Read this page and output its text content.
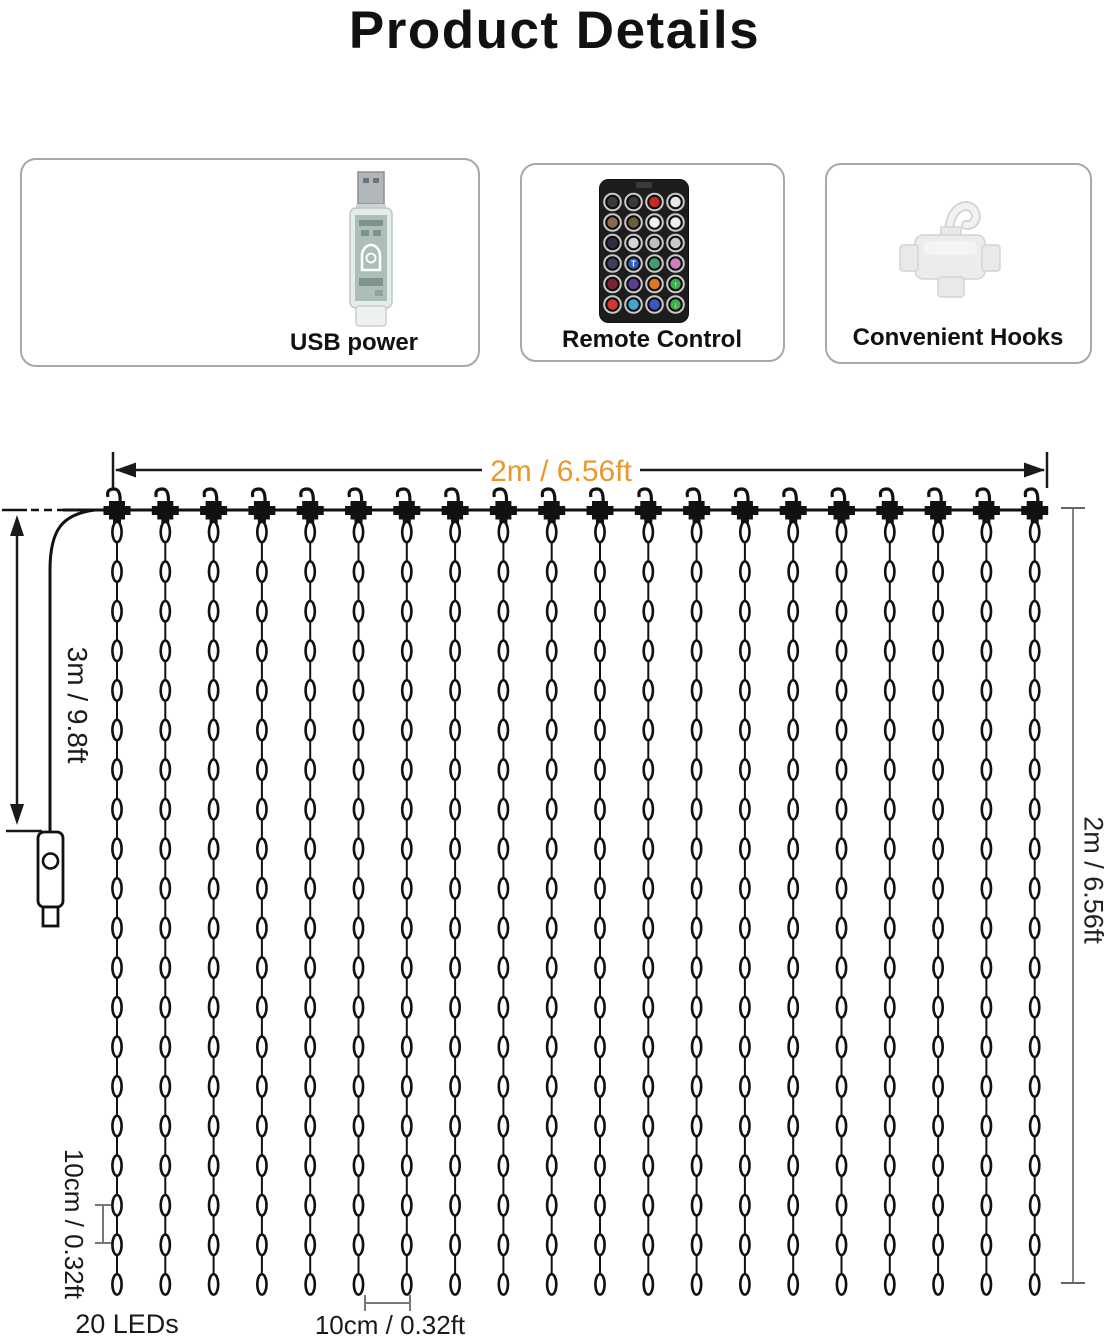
Product Details
USB power
T
↑
↓
Remote Control	Convenient Hooks
2m / 6.56ft
3m / 9.8ft
2m / 6.56ft
10cm / 0.32ft
20 LEDs	10cm / 0.32ft
